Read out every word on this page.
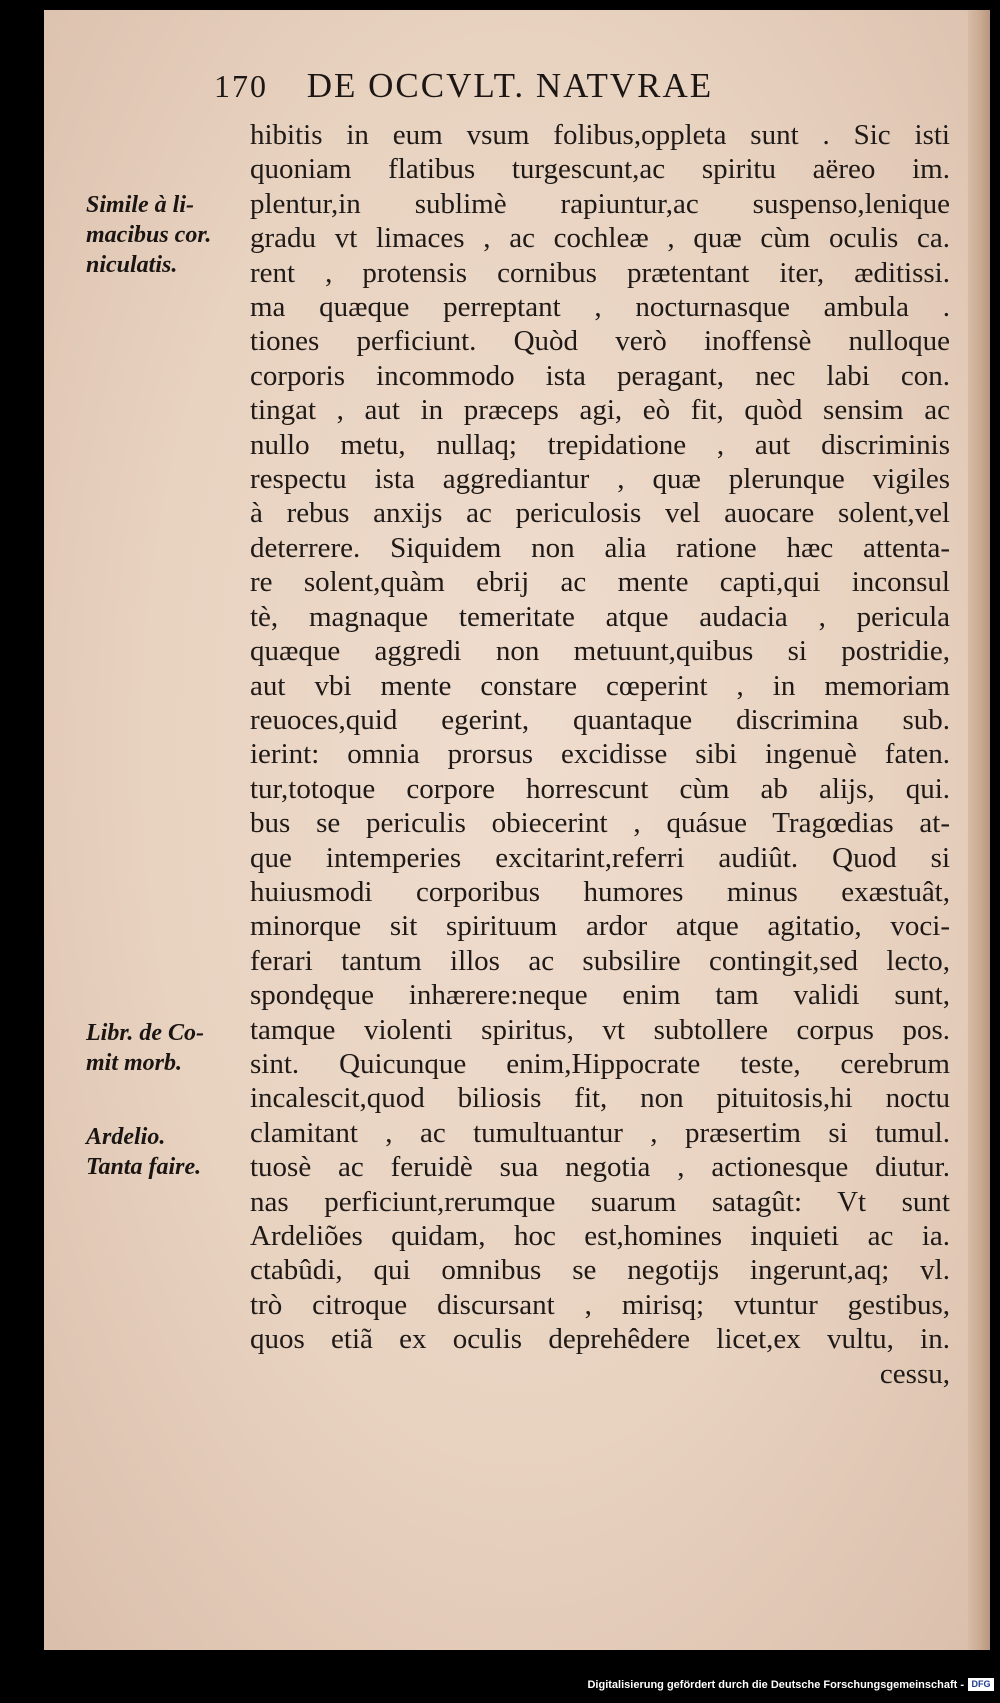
170 DE OCCVLT. NATVRAE
hibitis in eum vsum folibus,oppleta sunt . Sic isti
quoniam flatibus turgescunt,ac spiritu aëreo im.
plentur,in sublimè rapiuntur,ac suspenso,lenique
gradu vt limaces , ac cochleæ , quæ cùm oculis ca.
rent , protensis cornibus prætentant iter, æditissi.
ma quæque perreptant , nocturnasque ambula .
tiones perficiunt. Quòd verò inoffensè nulloque
corporis incommodo ista peragant, nec labi con.
tingat , aut in præceps agi, eò fit, quòd sensim ac
nullo metu, nullaq; trepidatione , aut discriminis
respectu ista aggrediantur , quæ plerunque vigiles
à rebus anxijs ac periculosis vel auocare solent,vel
deterrere. Siquidem non alia ratione hæc attenta-
re solent,quàm ebrij ac mente capti,qui inconsul
tè, magnaque temeritate atque audacia , pericula
quæque aggredi non metuunt,quibus si postridie,
aut vbi mente constare cœperint , in memoriam
reuoces,quid egerint, quantaque discrimina sub.
ierint: omnia prorsus excidisse sibi ingenuè faten.
tur,totoque corpore horrescunt cùm ab alijs, qui.
bus se periculis obiecerint , quásue Tragœdias at-
que intemperies excitarint,referri audiût. Quod si
huiusmodi corporibus humores minus exæstuât,
minorque sit spirituum ardor atque agitatio, voci-
ferari tantum illos ac subsilire contingit,sed lecto,
spondęque inhærere:neque enim tam validi sunt,
tamque violenti spiritus, vt subtollere corpus pos.
sint. Quicunque enim,Hippocrate teste, cerebrum
incalescit,quod biliosis fit, non pituitosis,hi noctu
clamitant , ac tumultuantur , præsertim si tumul.
tuosè ac feruidè sua negotia , actionesque diutur.
nas perficiunt,rerumque suarum satagût: Vt sunt
Ardeliões quidam, hoc est,homines inquieti ac ia.
ctabûdi, qui omnibus se negotijs ingerunt,aq; vl.
trò citroque discursant , mirisq; vtuntur gestibus,
quos etiã ex oculis deprehêdere licet,ex vultu, in.
cessu,
Simile à li-
macibus cor.
niculatis.
Libr. de Co-
mit morb.
Ardelio.
Tanta faire.
Digitalisierung gefördert durch die Deutsche Forschungsgemeinschaft - DFG
